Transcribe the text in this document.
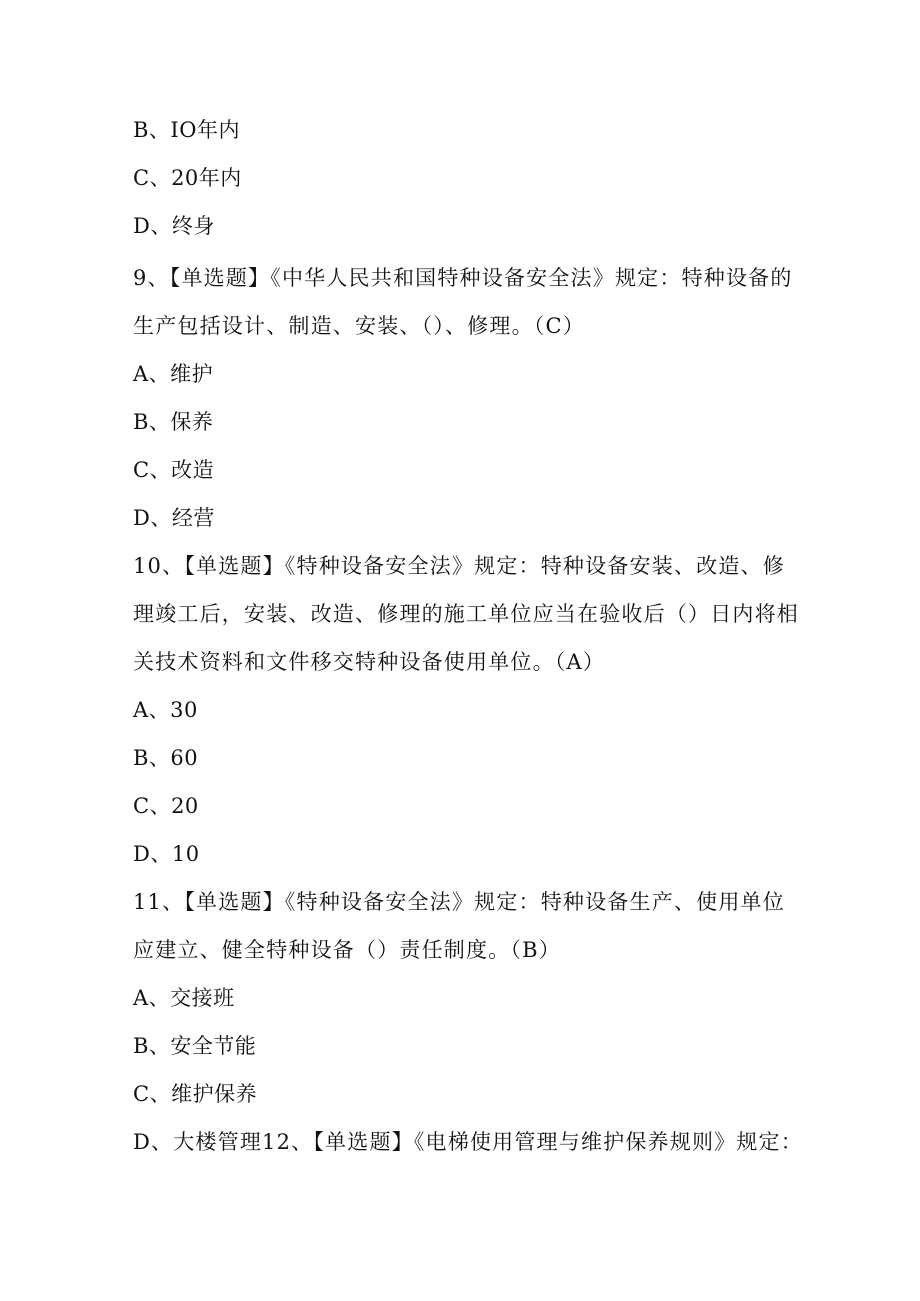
B、IO年内
C、20年内
D、终身
9、【单选题】《中华人民共和国特种设备安全法》规定：特种设备的
生产包括设计、制造、安装、（）、修理。（C）
A、维护
B、保养
C、改造
D、经营
10、【单选题】《特种设备安全法》规定：特种设备安装、改造、修
理竣工后，安装、改造、修理的施工单位应当在验收后（）日内将相
关技术资料和文件移交特种设备使用单位。（A）
A、30
B、60
C、20
D、10
11、【单选题】《特种设备安全法》规定：特种设备生产、使用单位
应建立、健全特种设备（）责任制度。（B）
A、交接班
B、安全节能
C、维护保养
D、大楼管理12、【单选题】《电梯使用管理与维护保养规则》规定：
